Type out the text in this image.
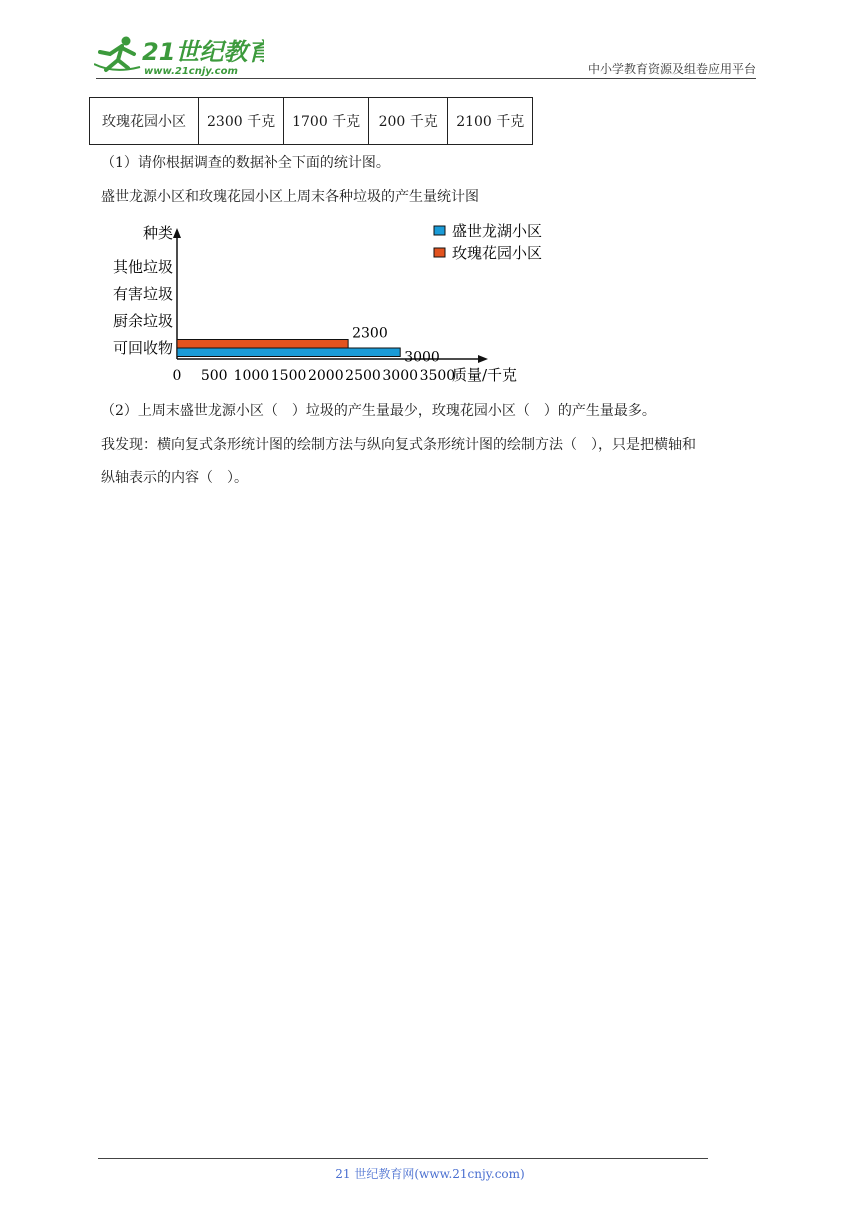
21世纪教育
www.21cnjy.com	中小学教育资源及组卷应用平台
玫瑰花园小区	2300 千克	1700 千克	200 千克	2100 千克
（1）请你根据调查的数据补全下面的统计图。
盛世龙源小区和玫瑰花园小区上周末各种垃圾的产生量统计图
种类
质量/千克
可回收物
厨余垃圾
有害垃圾
其他垃圾
0 500 1000 1500 2000 2500 3000 3500
3000
2300
盛世龙湖小区
玫瑰花园小区
（2）上周末盛世龙源小区（　）垃圾的产生量最少，玫瑰花园小区（　）的产生量最多。
我发现：横向复式条形统计图的绘制方法与纵向复式条形统计图的绘制方法（　），只是把横轴和
纵轴表示的内容（　）。
21 世纪教育网(www.21cnjy.com)
